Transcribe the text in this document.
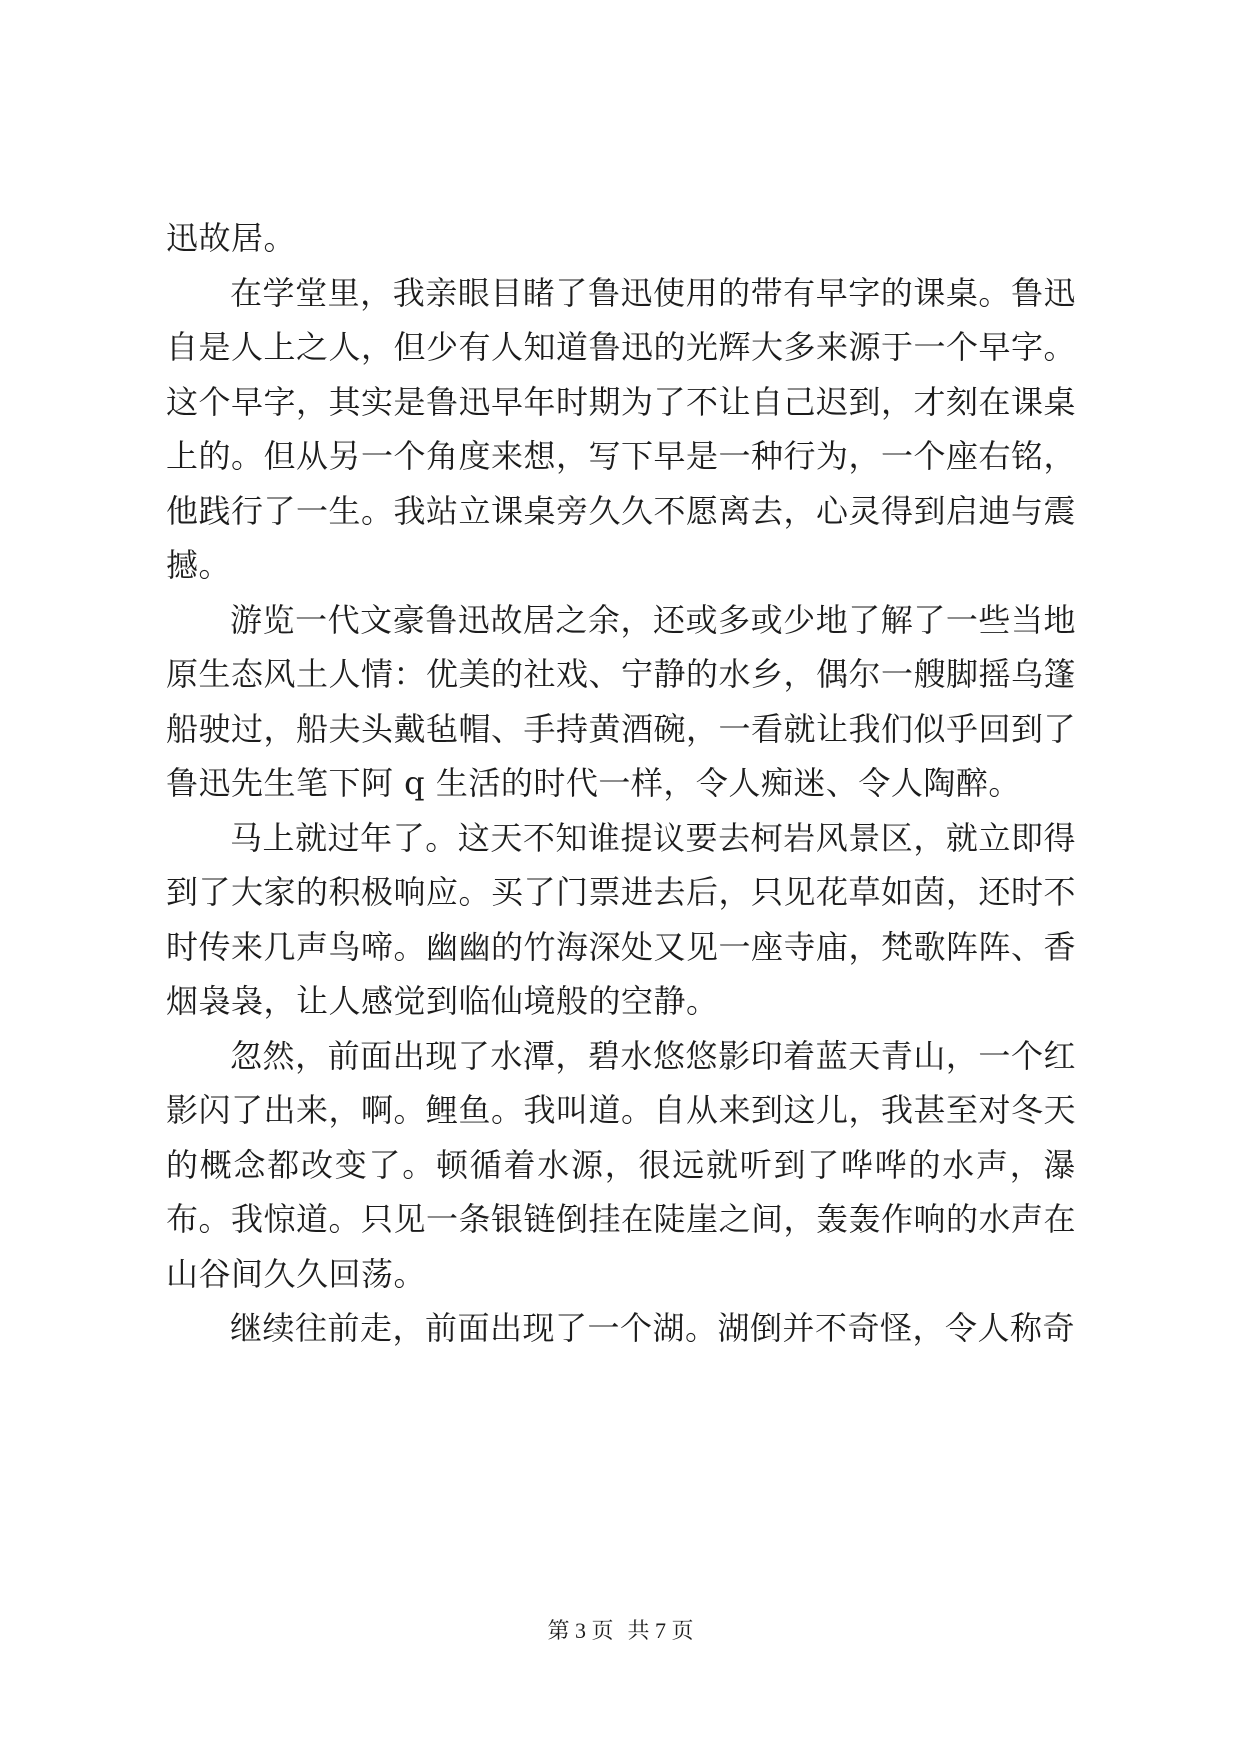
迅故居。

在学堂里，我亲眼目睹了鲁迅使用的带有早字的课桌。鲁迅自是人上之人，但少有人知道鲁迅的光辉大多来源于一个早字。这个早字，其实是鲁迅早年时期为了不让自己迟到，才刻在课桌上的。但从另一个角度来想，写下早是一种行为，一个座右铭，他践行了一生。我站立课桌旁久久不愿离去，心灵得到启迪与震撼。

游览一代文豪鲁迅故居之余，还或多或少地了解了一些当地原生态风土人情：优美的社戏、宁静的水乡，偶尔一艘脚摇乌篷船驶过，船夫头戴毡帽、手持黄酒碗，一看就让我们似乎回到了鲁迅先生笔下阿 q 生活的时代一样，令人痴迷、令人陶醉。

马上就过年了。这天不知谁提议要去柯岩风景区，就立即得到了大家的积极响应。买了门票进去后，只见花草如茵，还时不时传来几声鸟啼。幽幽的竹海深处又见一座寺庙，梵歌阵阵、香烟袅袅，让人感觉到临仙境般的空静。

忽然，前面出现了水潭，碧水悠悠影印着蓝天青山，一个红影闪了出来，啊。鲤鱼。我叫道。自从来到这儿，我甚至对冬天的概念都改变了。顿循着水源，很远就听到了哗哗的水声，瀑布。我惊道。只见一条银链倒挂在陡崖之间，轰轰作响的水声在山谷间久久回荡。

继续往前走，前面出现了一个湖。湖倒并不奇怪，令人称奇

第 3 页 共 7 页
